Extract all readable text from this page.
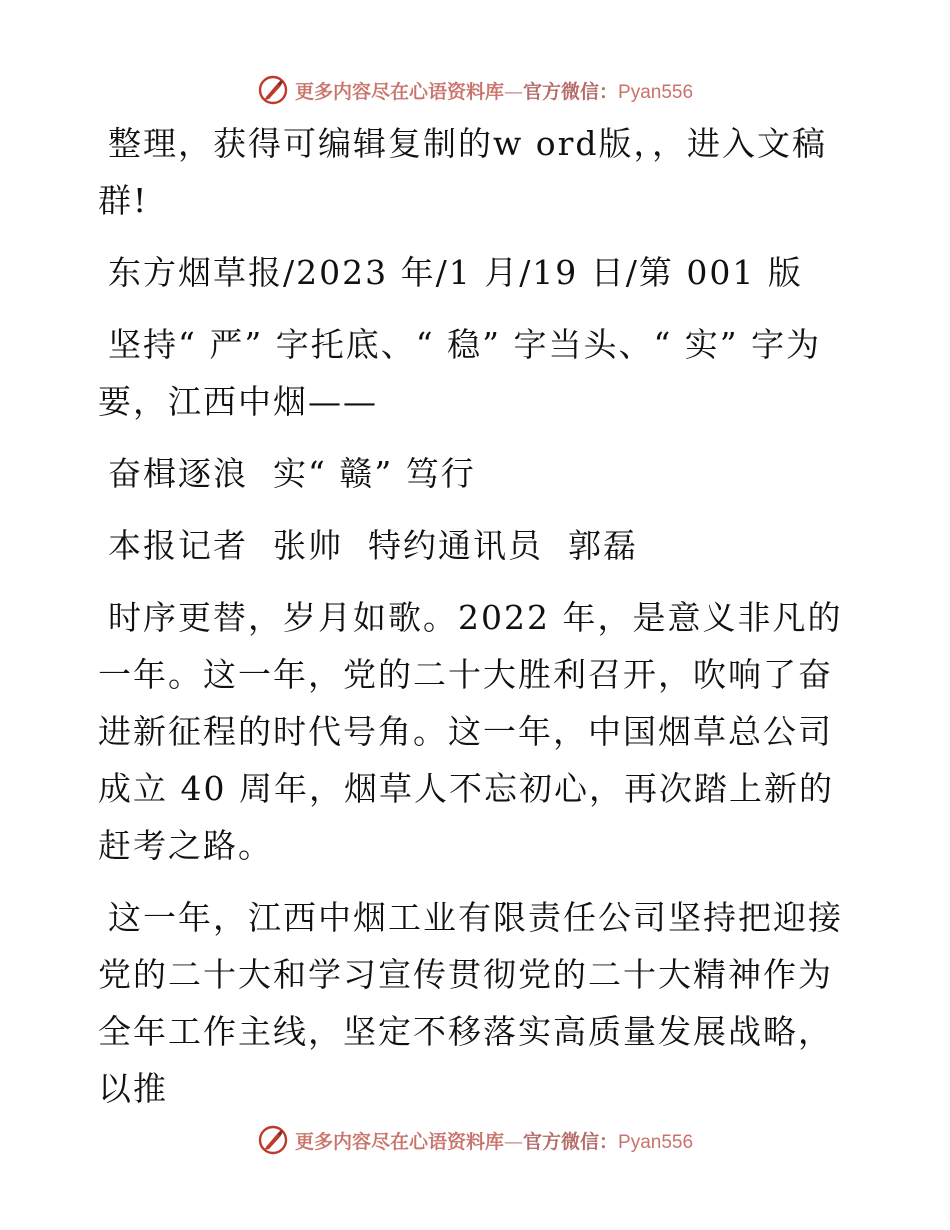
更多内容尽在心语资料库—官方微信：Pyan556

整理，获得可编辑复制的w ord版，，进入文稿群!

东方烟草报/2023 年/1 月/19 日/第 001 版

坚持“ 严” 字托底、“ 稳” 字当头、“ 实” 字为要，江西中烟——

奋楫逐浪  实“ 赣” 笃行

本报记者  张帅  特约通讯员  郭磊

时序更替，岁月如歌。2022 年，是意义非凡的一年。这一年，党的二十大胜利召开，吹响了奋进新征程的时代号角。这一年，中国烟草总公司成立 40 周年，烟草人不忘初心，再次踏上新的赶考之路。

这一年，江西中烟工业有限责任公司坚持把迎接党的二十大和学习宣传贯彻党的二十大精神作为全年工作主线，坚定不移落实高质量发展战略，以推

更多内容尽在心语资料库—官方微信：Pyan556
